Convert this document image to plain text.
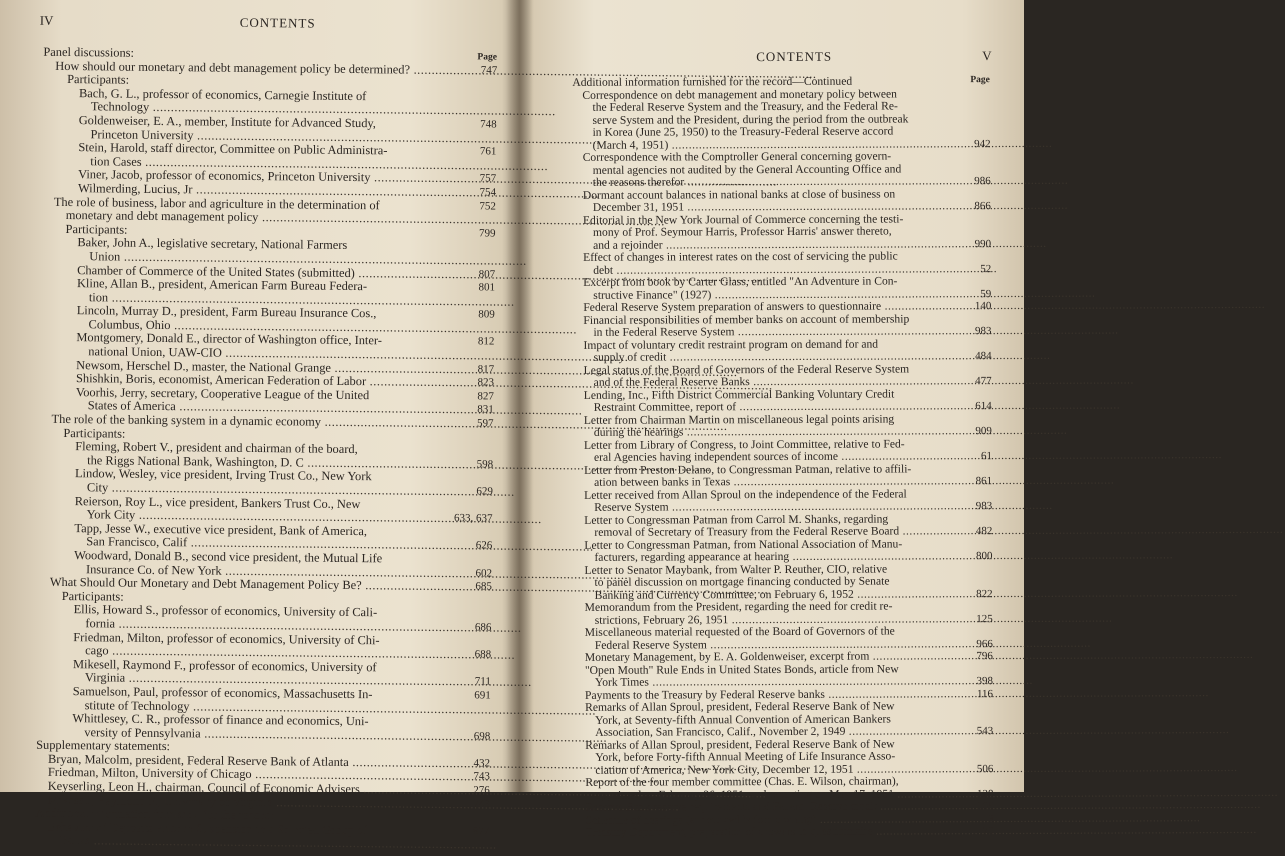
IV	CONTENTS
Page
Panel discussions:
How should our monetary and debt management policy be determined? .....	747
Participants:
Bach, G. L., professor of economics, Carnegie Institute of
Technology .....
Goldenweiser, E. A., member, Institute for Advanced Study,	748
Princeton University .....
Stein, Harold, staff director, Committee on Public Administra-	761
tion Cases .....
Viner, Jacob, professor of economics, Princeton University .....	757
Wilmerding, Lucius, Jr .....	754
The role of business, labor and agriculture in the determination of	752
monetary and debt management policy .....
Participants:	799
Baker, John A., legislative secretary, National Farmers
Union .....
Chamber of Commerce of the United States (submitted) .....	807
Kline, Allan B., president, American Farm Bureau Federa-	801
tion .....
Lincoln, Murray D., president, Farm Bureau Insurance Cos.,	809
Columbus, Ohio .....
Montgomery, Donald E., director of Washington office, Inter-	812
national Union, UAW-CIO .....
Newsom, Herschel D., master, the National Grange .....	817
Shishkin, Boris, economist, American Federation of Labor .....	823
Voorhis, Jerry, secretary, Cooperative League of the United	827
States of America .....	831
The role of the banking system in a dynamic economy .....	597
Participants:
Fleming, Robert V., president and chairman of the board,
the Riggs National Bank, Washington, D. C .....	598
Lindow, Wesley, vice president, Irving Trust Co., New York
City .....	629
Reierson, Roy L., vice president, Bankers Trust Co., New
York City .....	633, 637
Tapp, Jesse W., executive vice president, Bank of America,
San Francisco, Calif .....	626
Woodward, Donald B., second vice president, the Mutual Life
Insurance Co. of New York .....	602
What Should Our Monetary and Debt Management Policy Be? .....	685
Participants:
Ellis, Howard S., professor of economics, University of Cali-
fornia .....	686
Friedman, Milton, professor of economics, University of Chi-
cago .....	688
Mikesell, Raymond F., professor of economics, University of
Virginia .....	711
Samuelson, Paul, professor of economics, Massachusetts In-	691
stitute of Technology .....
Whittlesey, C. R., professor of finance and economics, Uni-
versity of Pennsylvania .....	698
Supplementary statements:
Bryan, Malcolm, president, Federal Reserve Bank of Atlanta .....	432
Friedman, Milton, University of Chicago .....	743
Keyserling, Leon H., chairman, Council of Economic Advisers .....	276
Mikesell, Raymond F., University of Virginia .....	746
Additional information furnished for the record:
Behavior of Deposits Prior to Suspension in a Selected Group of	877
Banks .....
CONTENTS	V
Page
Additional information furnished for the record—Continued
Correspondence on debt management and monetary policy between
the Federal Reserve System and the Treasury, and the Federal Re-
serve System and the President, during the period from the outbreak
in Korea (June 25, 1950) to the Treasury-Federal Reserve accord
(March 4, 1951) .....	942
Correspondence with the Comptroller General concerning govern-
mental agencies not audited by the General Accounting Office and
the reasons therefor .....	986
Dormant account balances in national banks at close of business on
December 31, 1951 .....	866
Editorial in the New York Journal of Commerce concerning the testi-
mony of Prof. Seymour Harris, Professor Harris' answer thereto,
and a rejoinder .....	990
Effect of changes in interest rates on the cost of servicing the public
debt .....	52
Excerpt from book by Carter Glass, entitled "An Adventure in Con-
structive Finance" (1927) .....	59
Federal Reserve System preparation of answers to questionnaire .....	140
Financial responsibilities of member banks on account of membership
in the Federal Reserve System .....	983
Impact of voluntary credit restraint program on demand for and
supply of credit .....	484
Legal status of the Board of Governors of the Federal Reserve System
and of the Federal Reserve Banks .....	477
Lending, Inc., Fifth District Commercial Banking Voluntary Credit
Restraint Committee, report of .....	614
Letter from Chairman Martin on miscellaneous legal points arising
during the hearings .....	909
Letter from Library of Congress, to Joint Committee, relative to Fed-
eral Agencies having independent sources of income .....	61
Letter from Preston Delano, to Congressman Patman, relative to affili-
ation between banks in Texas .....	861
Letter received from Allan Sproul on the independence of the Federal
Reserve System .....	983
Letter to Congressman Patman from Carrol M. Shanks, regarding
removal of Secretary of Treasury from the Federal Reserve Board .....	482
Letter to Congressman Patman, from National Association of Manu-
facturers, regarding appearance at hearing .....	800
Letter to Senator Maybank, from Walter P. Reuther, CIO, relative
to panel discussion on mortgage financing conducted by Senate
Banking and Currency Committee, on February 6, 1952 .....	822
Memorandum from the President, regarding the need for credit re-
strictions, February 26, 1951 .....	125
Miscellaneous material requested of the Board of Governors of the
Federal Reserve System .....	966
Monetary Management, by E. A. Goldenweiser, excerpt from .....	796
"Open Mouth" Rule Ends in United States Bonds, article from New
York Times .....	398
Payments to the Treasury by Federal Reserve banks .....	116
Remarks of Allan Sproul, president, Federal Reserve Bank of New
York, at Seventy-fifth Annual Convention of American Bankers
Association, San Francisco, Calif., November 2, 1949 .....	543
Remarks of Allan Sproul, president, Federal Reserve Bank of New
York, before Forty-fifth Annual Meeting of Life Insurance Asso-
ciation of America, New York City, December 12, 1951 .....	506
Report of the four member committee (Chas. E. Wilson, chairman),
appointed on February 26, 1951, and reporting on May 17, 1951 .....	128
Reserve Bank reserve requirements and Federal Reserve credit .....	106
Schedule of hearings (announced before opening) .....	3
Treasury Department, preparation of answers to questionnaire .....	70
